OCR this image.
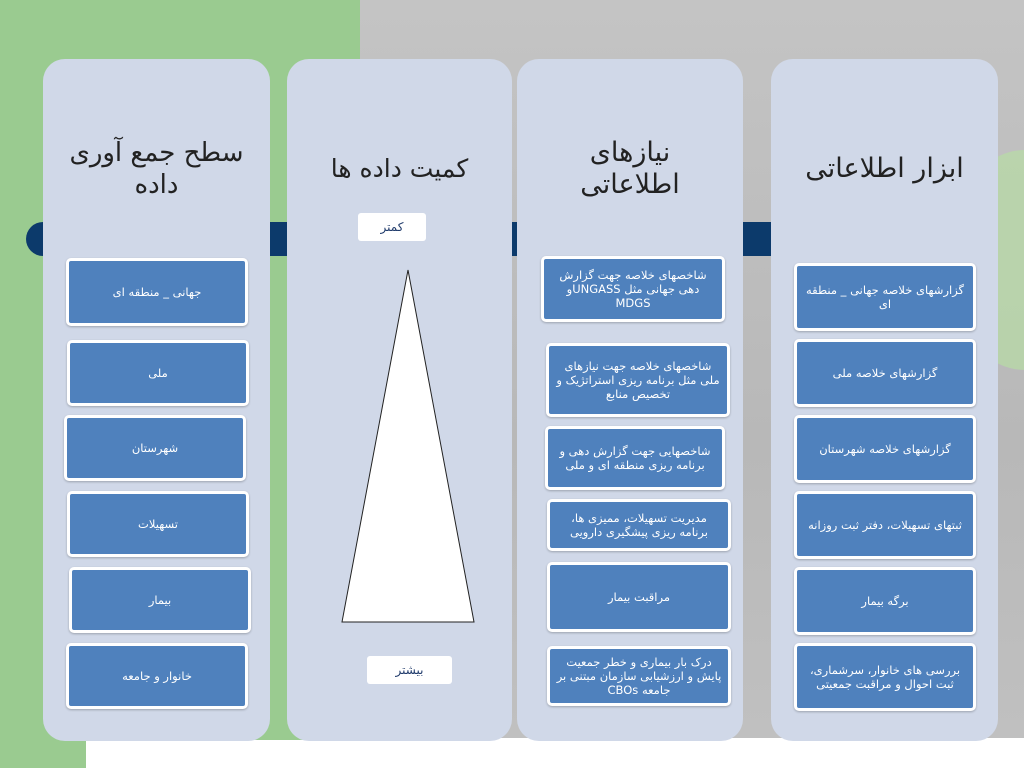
سطح جمع آوری داده
جهانی _ منطقه ای
ملی
شهرستان
تسهیلات
بیمار
خانوار و جامعه
کمیت داده ها
کمتر
بیشتر
نیازهای اطلاعاتی
شاخصهای خلاصه جهت گزارش دهی جهانی مثل UNGASSو MDGS
شاخصهای خلاصه جهت نیازهای ملی مثل برنامه ریزی استراتژیک و تخصیص منابع
شاخصهایی جهت گزارش دهی و برنامه ریزی منطقه ای و ملی
مدیریت تسهیلات، ممیزی ها، برنامه ریزی پیشگیری دارویی
مراقبت بیمار
درک بار بیماری و خطر جمعیت پایش و ارزشیابی سازمان مبتنی بر جامعه CBOs
ابزار اطلاعاتی
گزارشهای خلاصه جهانی _ منطقه ای
گزارشهای خلاصه ملی
گزارشهای خلاصه شهرستان
ثبتهای تسهیلات، دفتر ثبت روزانه
برگه بیمار
بررسی های خانوار، سرشماری، ثبت احوال و مراقبت جمعیتی
